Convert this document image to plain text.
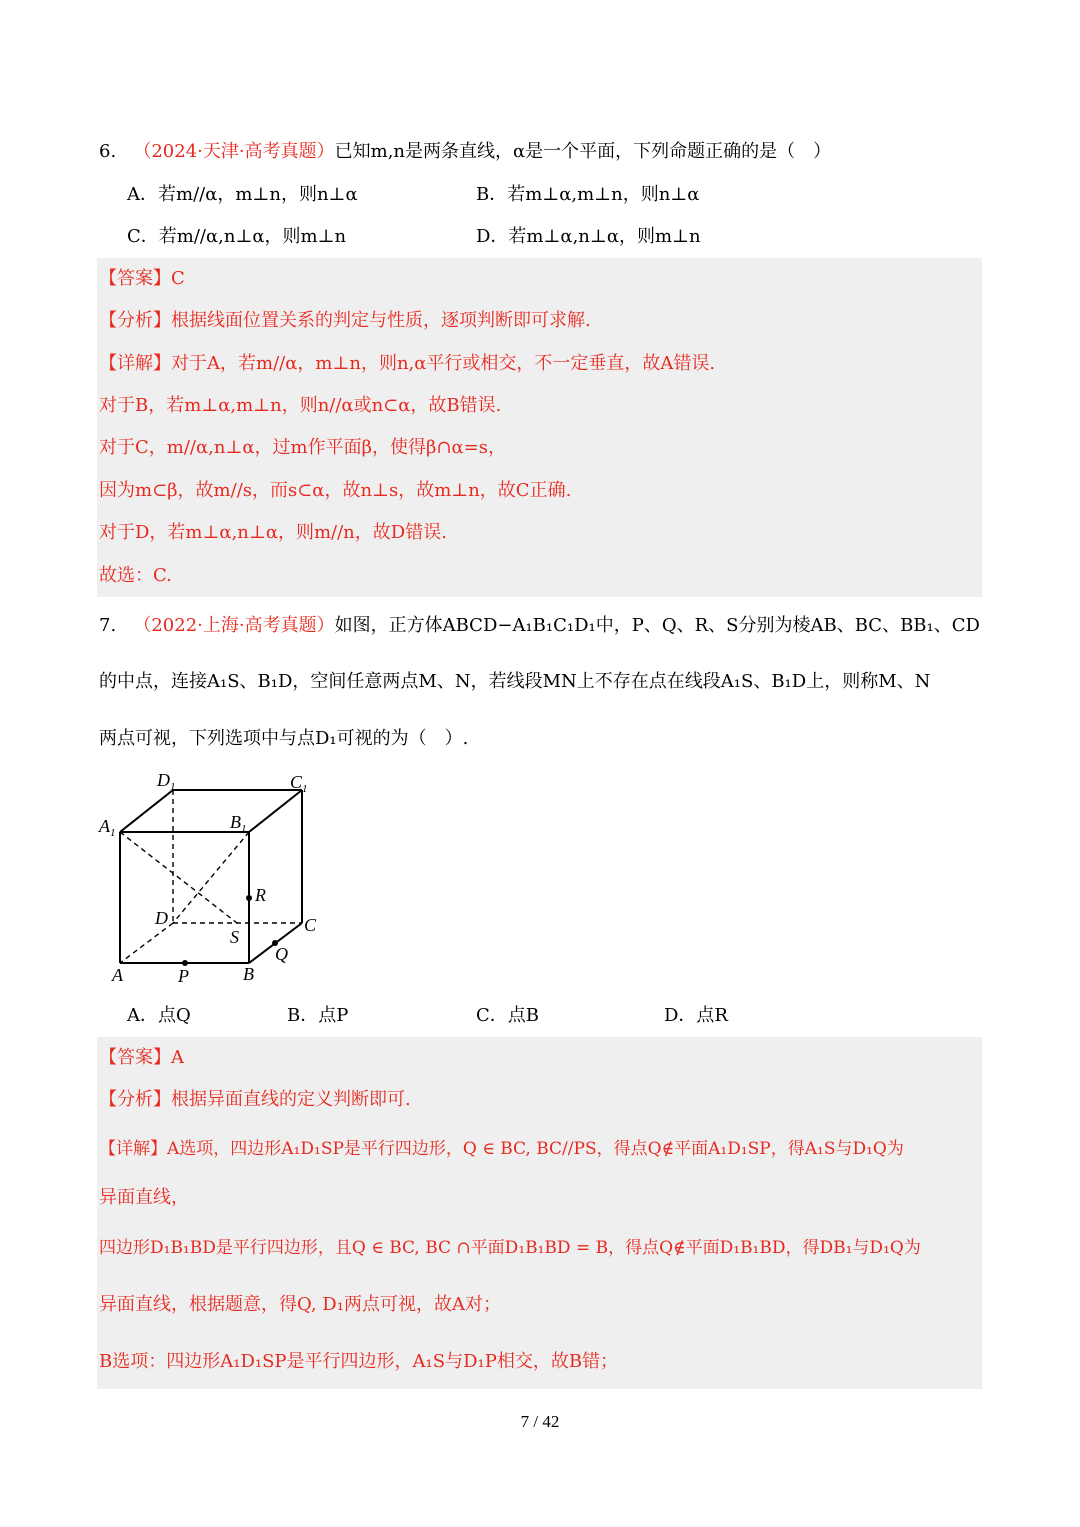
6. （2024·天津·高考真题）已知m,n是两条直线，α是一个平面，下列命题正确的是（　）
A．若m//α，m⊥n，则n⊥α	B．若m⊥α,m⊥n，则n⊥α
C．若m//α,n⊥α，则m⊥n	D．若m⊥α,n⊥α，则m⊥n
【答案】C
【分析】根据线面位置关系的判定与性质，逐项判断即可求解.
【详解】对于A，若m//α，m⊥n，则n,α平行或相交，不一定垂直，故A错误.
对于B，若m⊥α,m⊥n，则n//α或n⊂α，故B错误.
对于C，m//α,n⊥α，过m作平面β，使得β∩α=s，
因为m⊂β，故m//s，而s⊂α，故n⊥s，故m⊥n，故C正确.
对于D，若m⊥α,n⊥α，则m//n，故D错误.
故选：C.
7. （2022·上海·高考真题）如图，正方体ABCD−A₁B₁C₁D₁中，P、Q、R、S分别为棱AB、BC、BB₁、CD
的中点，连接A₁S、B₁D，空间任意两点M、N，若线段MN上不存在点在线段A₁S、B₁D上，则称M、N
两点可视，下列选项中与点D₁可视的为（　）.
$D_1$	$C_1$
$A_1$
$B_1$
R
D	C
S
Q
A	P	B
A．点Q	B．点P	C．点B	D．点R
【答案】A
【分析】根据异面直线的定义判断即可.
【详解】A选项，四边形A₁D₁SP是平行四边形，Q ∈ BC, BC//PS，得点Q∉平面A₁D₁SP，得A₁S与D₁Q为
异面直线，
四边形D₁B₁BD是平行四边形，且Q ∈ BC, BC ∩平面D₁B₁BD = B，得点Q∉平面D₁B₁BD，得DB₁与D₁Q为
异面直线，根据题意，得Q, D₁两点可视，故A对；
B选项：四边形A₁D₁SP是平行四边形，A₁S与D₁P相交，故B错；
7 / 42
